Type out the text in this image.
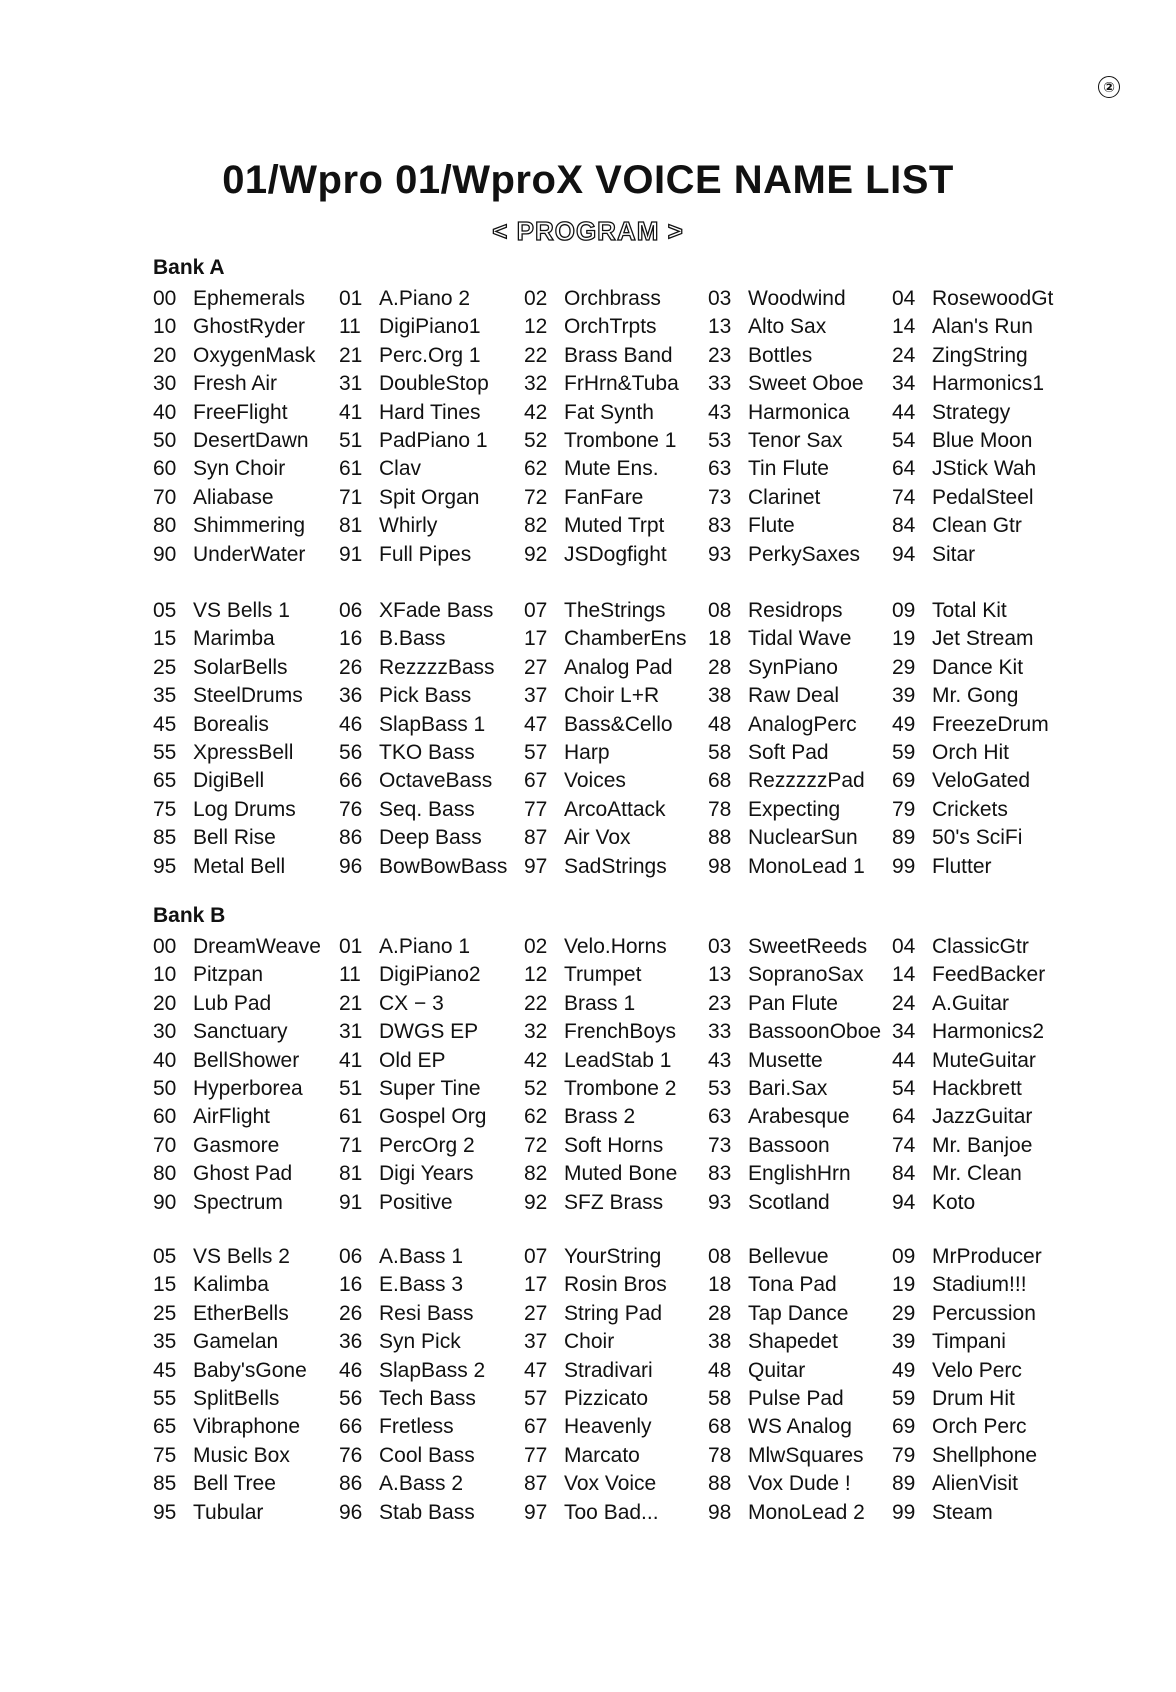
②
01/Wpro 01/WproX VOICE NAME LIST
< PROGRAM >
Bank A
00 Ephemerals 01 A.Piano 2	02 Orchbrass 03 Woodwind 04 RosewoodGt
10 GhostRyder 11 DigiPiano1 12 OrchTrpts 13 Alto Sax	14 Alan's Run
20 OxygenMask 21 Perc.Org 1 22 Brass Band 23 Bottles	24 ZingString
30 Fresh Air	31 DoubleStop 32 FrHrn&Tuba 33 Sweet Oboe 34 Harmonics1
40 FreeFlight 41 Hard Tines 42 Fat Synth	43 Harmonica 44 Strategy
50 DesertDawn 51 PadPiano 1 52 Trombone 1 53 Tenor Sax 54 Blue Moon
60 Syn Choir	61 Clav	62 Mute Ens. 63 Tin Flute	64 JStick Wah
70 Aliabase	71 Spit Organ 72 FanFare	73 Clarinet	74 PedalSteel
80 Shimmering 81 Whirly	82 Muted Trpt 83 Flute	84 Clean Gtr
90 UnderWater 91 Full Pipes	92 JSDogfight 93 PerkySaxes 94 Sitar
05 VS Bells 1 06 XFade Bass 07 TheStrings 08 Residrops 09 Total Kit
15 Marimba	16 B.Bass	17 ChamberEns 18 Tidal Wave 19 Jet Stream
25 SolarBells 26 RezzzzBass 27 Analog Pad 28 SynPiano	29 Dance Kit
35 SteelDrums 36 Pick Bass	37 Choir L+R 38 Raw Deal	39 Mr. Gong
45 Borealis	46 SlapBass 1 47 Bass&Cello 48 AnalogPerc 49 FreezeDrum
55 XpressBell 56 TKO Bass 57 Harp	58 Soft Pad	59 Orch Hit
65 DigiBell	66 OctaveBass 67 Voices	68 RezzzzzPad 69 VeloGated
75 Log Drums 76 Seq. Bass 77 ArcoAttack 78 Expecting 79 Crickets
85 Bell Rise	86 Deep Bass 87 Air Vox	88 NuclearSun 89 50's SciFi
95 Metal Bell	96 BowBowBass 97 SadStrings 98 MonoLead 1 99 Flutter
Bank B
00 DreamWeave 01 A.Piano 1	02 Velo.Horns 03 SweetReeds 04 ClassicGtr
10 Pitzpan	11 DigiPiano2 12 Trumpet	13 SopranoSax 14 FeedBacker
20 Lub Pad	21 CX − 3	22 Brass 1	23 Pan Flute	24 A.Guitar
30 Sanctuary 31 DWGS EP 32 FrenchBoys 33 BassoonOboe 34 Harmonics2
40 BellShower 41 Old EP	42 LeadStab 1 43 Musette	44 MuteGuitar
50 Hyperborea 51 Super Tine 52 Trombone 2 53 Bari.Sax	54 Hackbrett
60 AirFlight	61 Gospel Org 62 Brass 2	63 Arabesque 64 JazzGuitar
70 Gasmore	71 PercOrg 2 72 Soft Horns 73 Bassoon	74 Mr. Banjoe
80 Ghost Pad 81 Digi Years 82 Muted Bone 83 EnglishHrn 84 Mr. Clean
90 Spectrum	91 Positive	92 SFZ Brass 93 Scotland	94 Koto
05 VS Bells 2 06 A.Bass 1	07 YourString 08 Bellevue	09 MrProducer
15 Kalimba	16 E.Bass 3	17 Rosin Bros 18 Tona Pad	19 Stadium!!!
25 EtherBells 26 Resi Bass 27 String Pad 28 Tap Dance 29 Percussion
35 Gamelan	36 Syn Pick	37 Choir	38 Shapedet	39 Timpani
45 Baby'sGone 46 SlapBass 2 47 Stradivari	48 Quitar	49 Velo Perc
55 SplitBells	56 Tech Bass 57 Pizzicato	58 Pulse Pad 59 Drum Hit
65 Vibraphone 66 Fretless	67 Heavenly	68 WS Analog 69 Orch Perc
75 Music Box 76 Cool Bass 77 Marcato	78 MlwSquares 79 Shellphone
85 Bell Tree	86 A.Bass 2	87 Vox Voice 88 Vox Dude ! 89 AlienVisit
95 Tubular	96 Stab Bass 97 Too Bad... 98 MonoLead 2 99 Steam
